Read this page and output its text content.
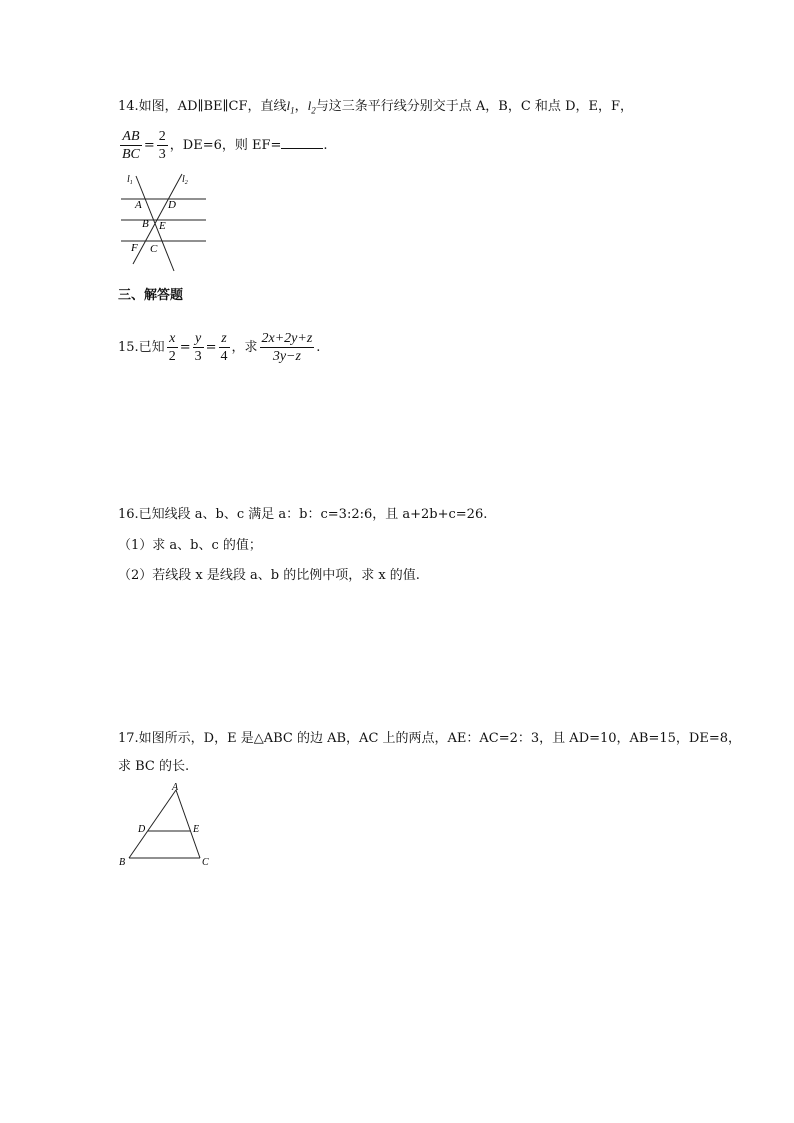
14.如图，AD∥BE∥CF，直线$l_1$，$l_2$与这三条平行线分别交于点 A，B，C 和点 D，E，F，
$\frac{AB}{BC} = \frac{2}{3}$ ，DE=6，则 EF=	.
$l_1$	$l_2$
A D
B E
F C
三、解答题
15.已知 $\frac{x}{2} = \frac{y}{3} = \frac{z}{4}$ ，求 $\frac{2x+2y+z}{3y-z}$ .
16.已知线段 a、b、c 满足 a：b：c=3:2:6，且 a+2b+c=26.
（1）求 a、b、c 的值；
（2）若线段 x 是线段 a、b 的比例中项，求 x 的值.
17.如图所示，D，E 是△ABC 的边 AB，AC 上的两点，AE：AC=2：3，且 AD=10，AB=15，DE=8，
求 BC 的长.
A
D	E
B	C
